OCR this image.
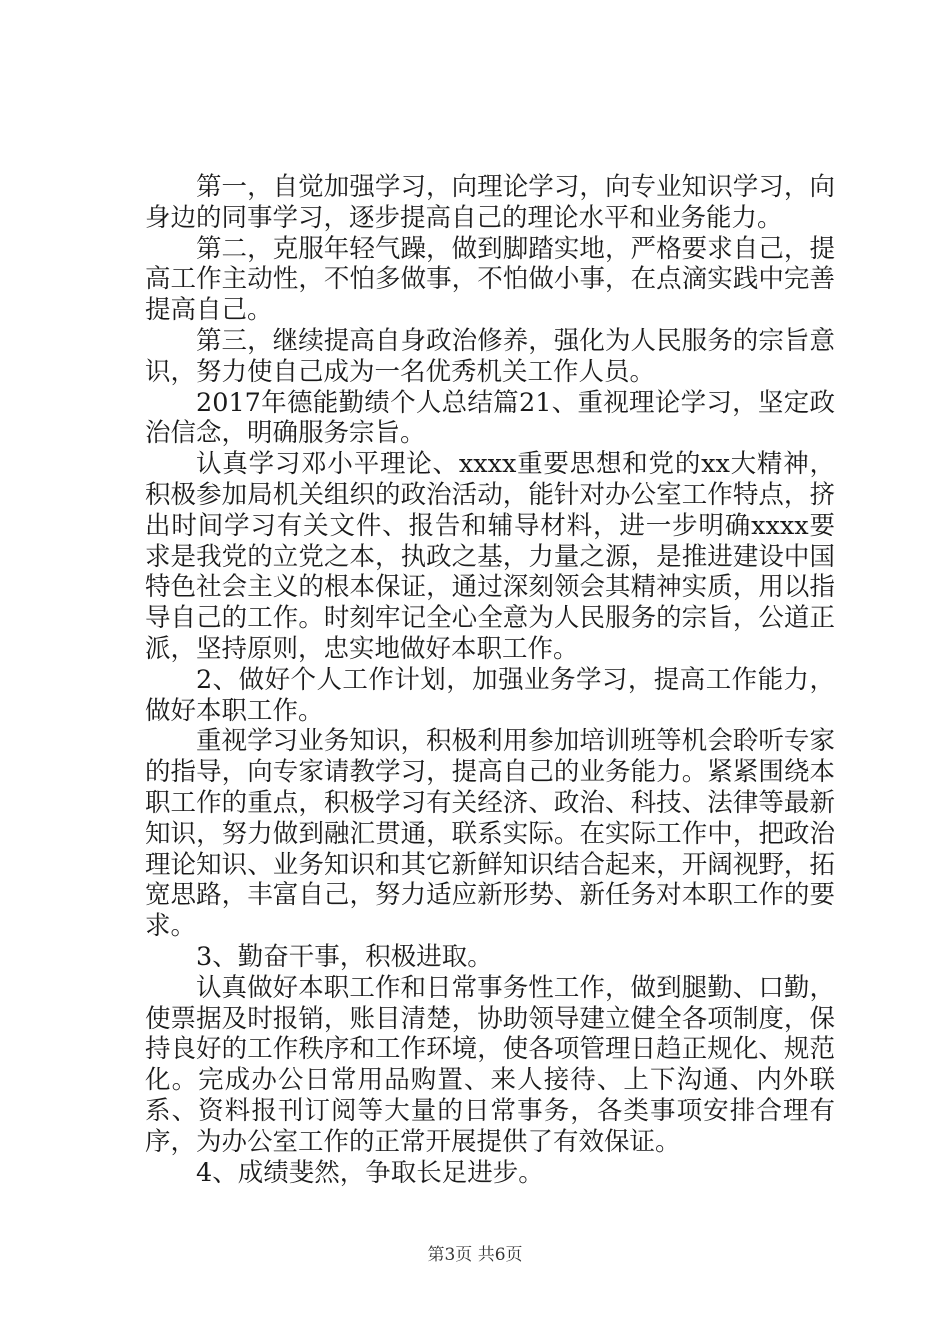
第一，自觉加强学习，向理论学习，向专业知识学习，向身边的同事学习，逐步提高自己的理论水平和业务能力。

第二，克服年轻气躁，做到脚踏实地，严格要求自己，提高工作主动性，不怕多做事，不怕做小事，在点滴实践中完善提高自己。

第三，继续提高自身政治修养，强化为人民服务的宗旨意识，努力使自己成为一名优秀机关工作人员。

2017年德能勤绩个人总结篇21、重视理论学习，坚定政治信念，明确服务宗旨。

认真学习邓小平理论、xxxx重要思想和党的xx大精神，积极参加局机关组织的政治活动，能针对办公室工作特点，挤出时间学习有关文件、报告和辅导材料，进一步明确xxxx要求是我党的立党之本，执政之基，力量之源，是推进建设中国特色社会主义的根本保证，通过深刻领会其精神实质，用以指导自己的工作。时刻牢记全心全意为人民服务的宗旨，公道正派，坚持原则，忠实地做好本职工作。

2、做好个人工作计划，加强业务学习，提高工作能力，做好本职工作。

重视学习业务知识，积极利用参加培训班等机会聆听专家的指导，向专家请教学习，提高自己的业务能力。紧紧围绕本职工作的重点，积极学习有关经济、政治、科技、法律等最新知识，努力做到融汇贯通，联系实际。在实际工作中，把政治理论知识、业务知识和其它新鲜知识结合起来，开阔视野，拓宽思路，丰富自己，努力适应新形势、新任务对本职工作的要求。

3、勤奋干事，积极进取。

认真做好本职工作和日常事务性工作，做到腿勤、口勤，使票据及时报销，账目清楚，协助领导建立健全各项制度，保持良好的工作秩序和工作环境，使各项管理日趋正规化、规范化。完成办公日常用品购置、来人接待、上下沟通、内外联系、资料报刊订阅等大量的日常事务，各类事项安排合理有序，为办公室工作的正常开展提供了有效保证。

4、成绩斐然，争取长足进步。

第3页 共6页
